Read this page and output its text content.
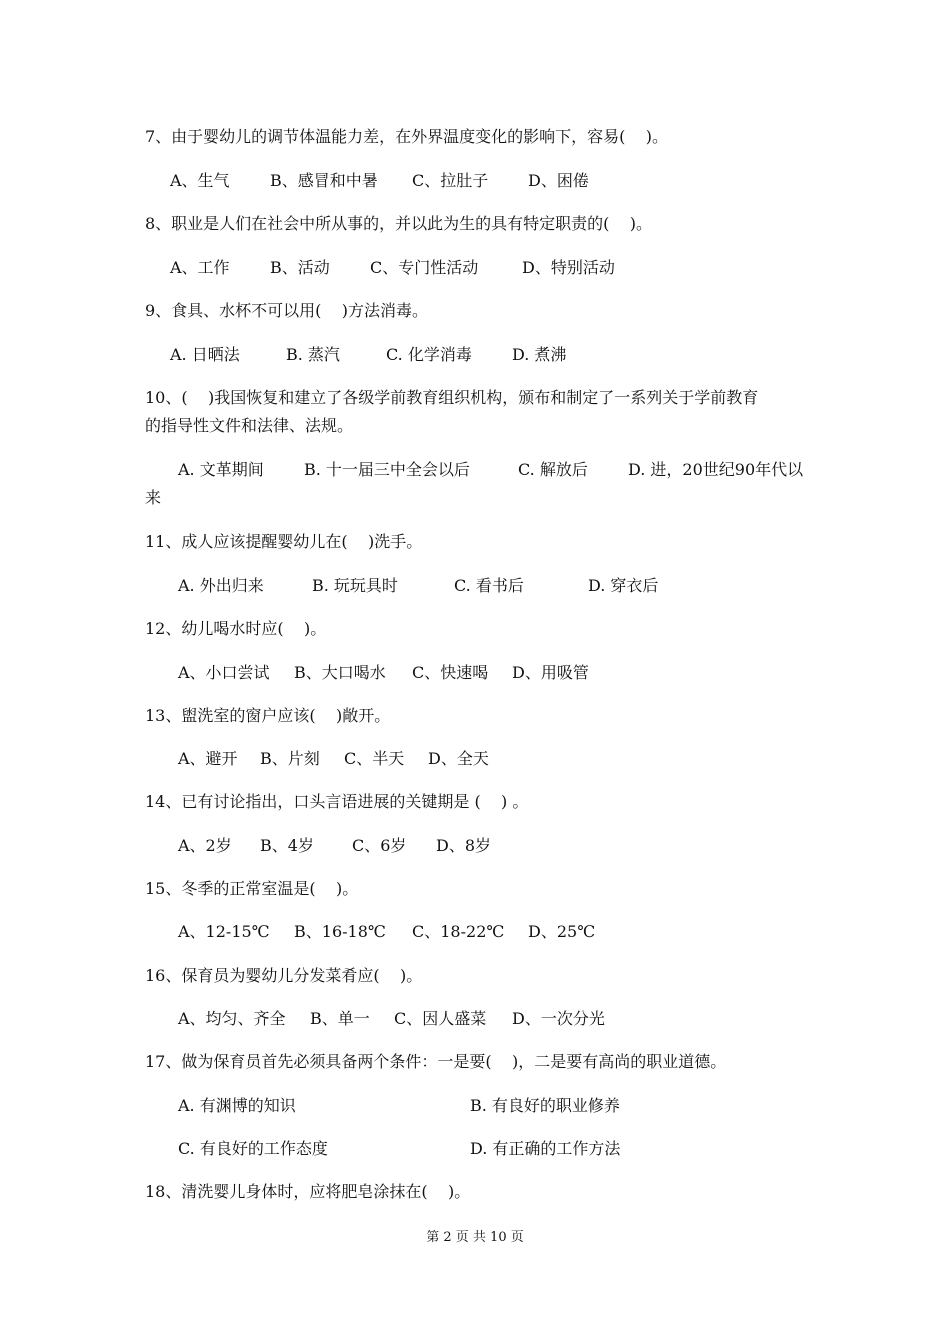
7、由于婴幼儿的调节体温能力差，在外界温度变化的影响下，容易(    )。

A、生气

	B、感冒和中暑

C、拉肚子

D、困倦

8、职业是人们在社会中所从事的，并以此为生的具有特定职责的(    )。

A、工作

	B、活动

	C、专门性活动

	D、特别活动

9、食具、水杯不可以用(    )方法消毒。

A. 日晒法

	B. 蒸汽

	C. 化学消毒

	D. 煮沸

10、(    )我国恢复和建立了各级学前教育组织机构，颁布和制定了一系列关于学前教育
的指导性文件和法律、法规。

A. 文革期间

	B. 十一届三中全会以后

	C. 解放后

	D. 进，20世纪90年代以

来
11、成人应该提醒婴幼儿在(    )洗手。

A. 外出归来

	B. 玩玩具时

	C. 看书后

	D. 穿衣后

12、幼儿喝水时应(    )。

A、小口尝试

B、大口喝水

C、快速喝

D、用吸管

13、盥洗室的窗户应该(    )敞开。

A、避开

B、片刻

C、半天

D、全天

14、已有讨论指出，口头言语进展的关键期是 (    ) 。

A、2岁

B、4岁

C、6岁

D、8岁

15、冬季的正常室温是(    )。

A、12-15℃

B、16-18℃

C、18-22℃

D、25℃

16、保育员为婴幼儿分发菜肴应(    )。

A、均匀、齐全

B、单一

C、因人盛菜

D、一次分光

17、做为保育员首先必须具备两个条件：一是要(    )，二是要有高尚的职业道德。

A. 有渊博的知识

	B. 有良好的职业修养

C. 有良好的工作态度

	D. 有正确的工作方法

18、清洗婴儿身体时，应将肥皂涂抹在(    )。
第 2 页 共 10 页
